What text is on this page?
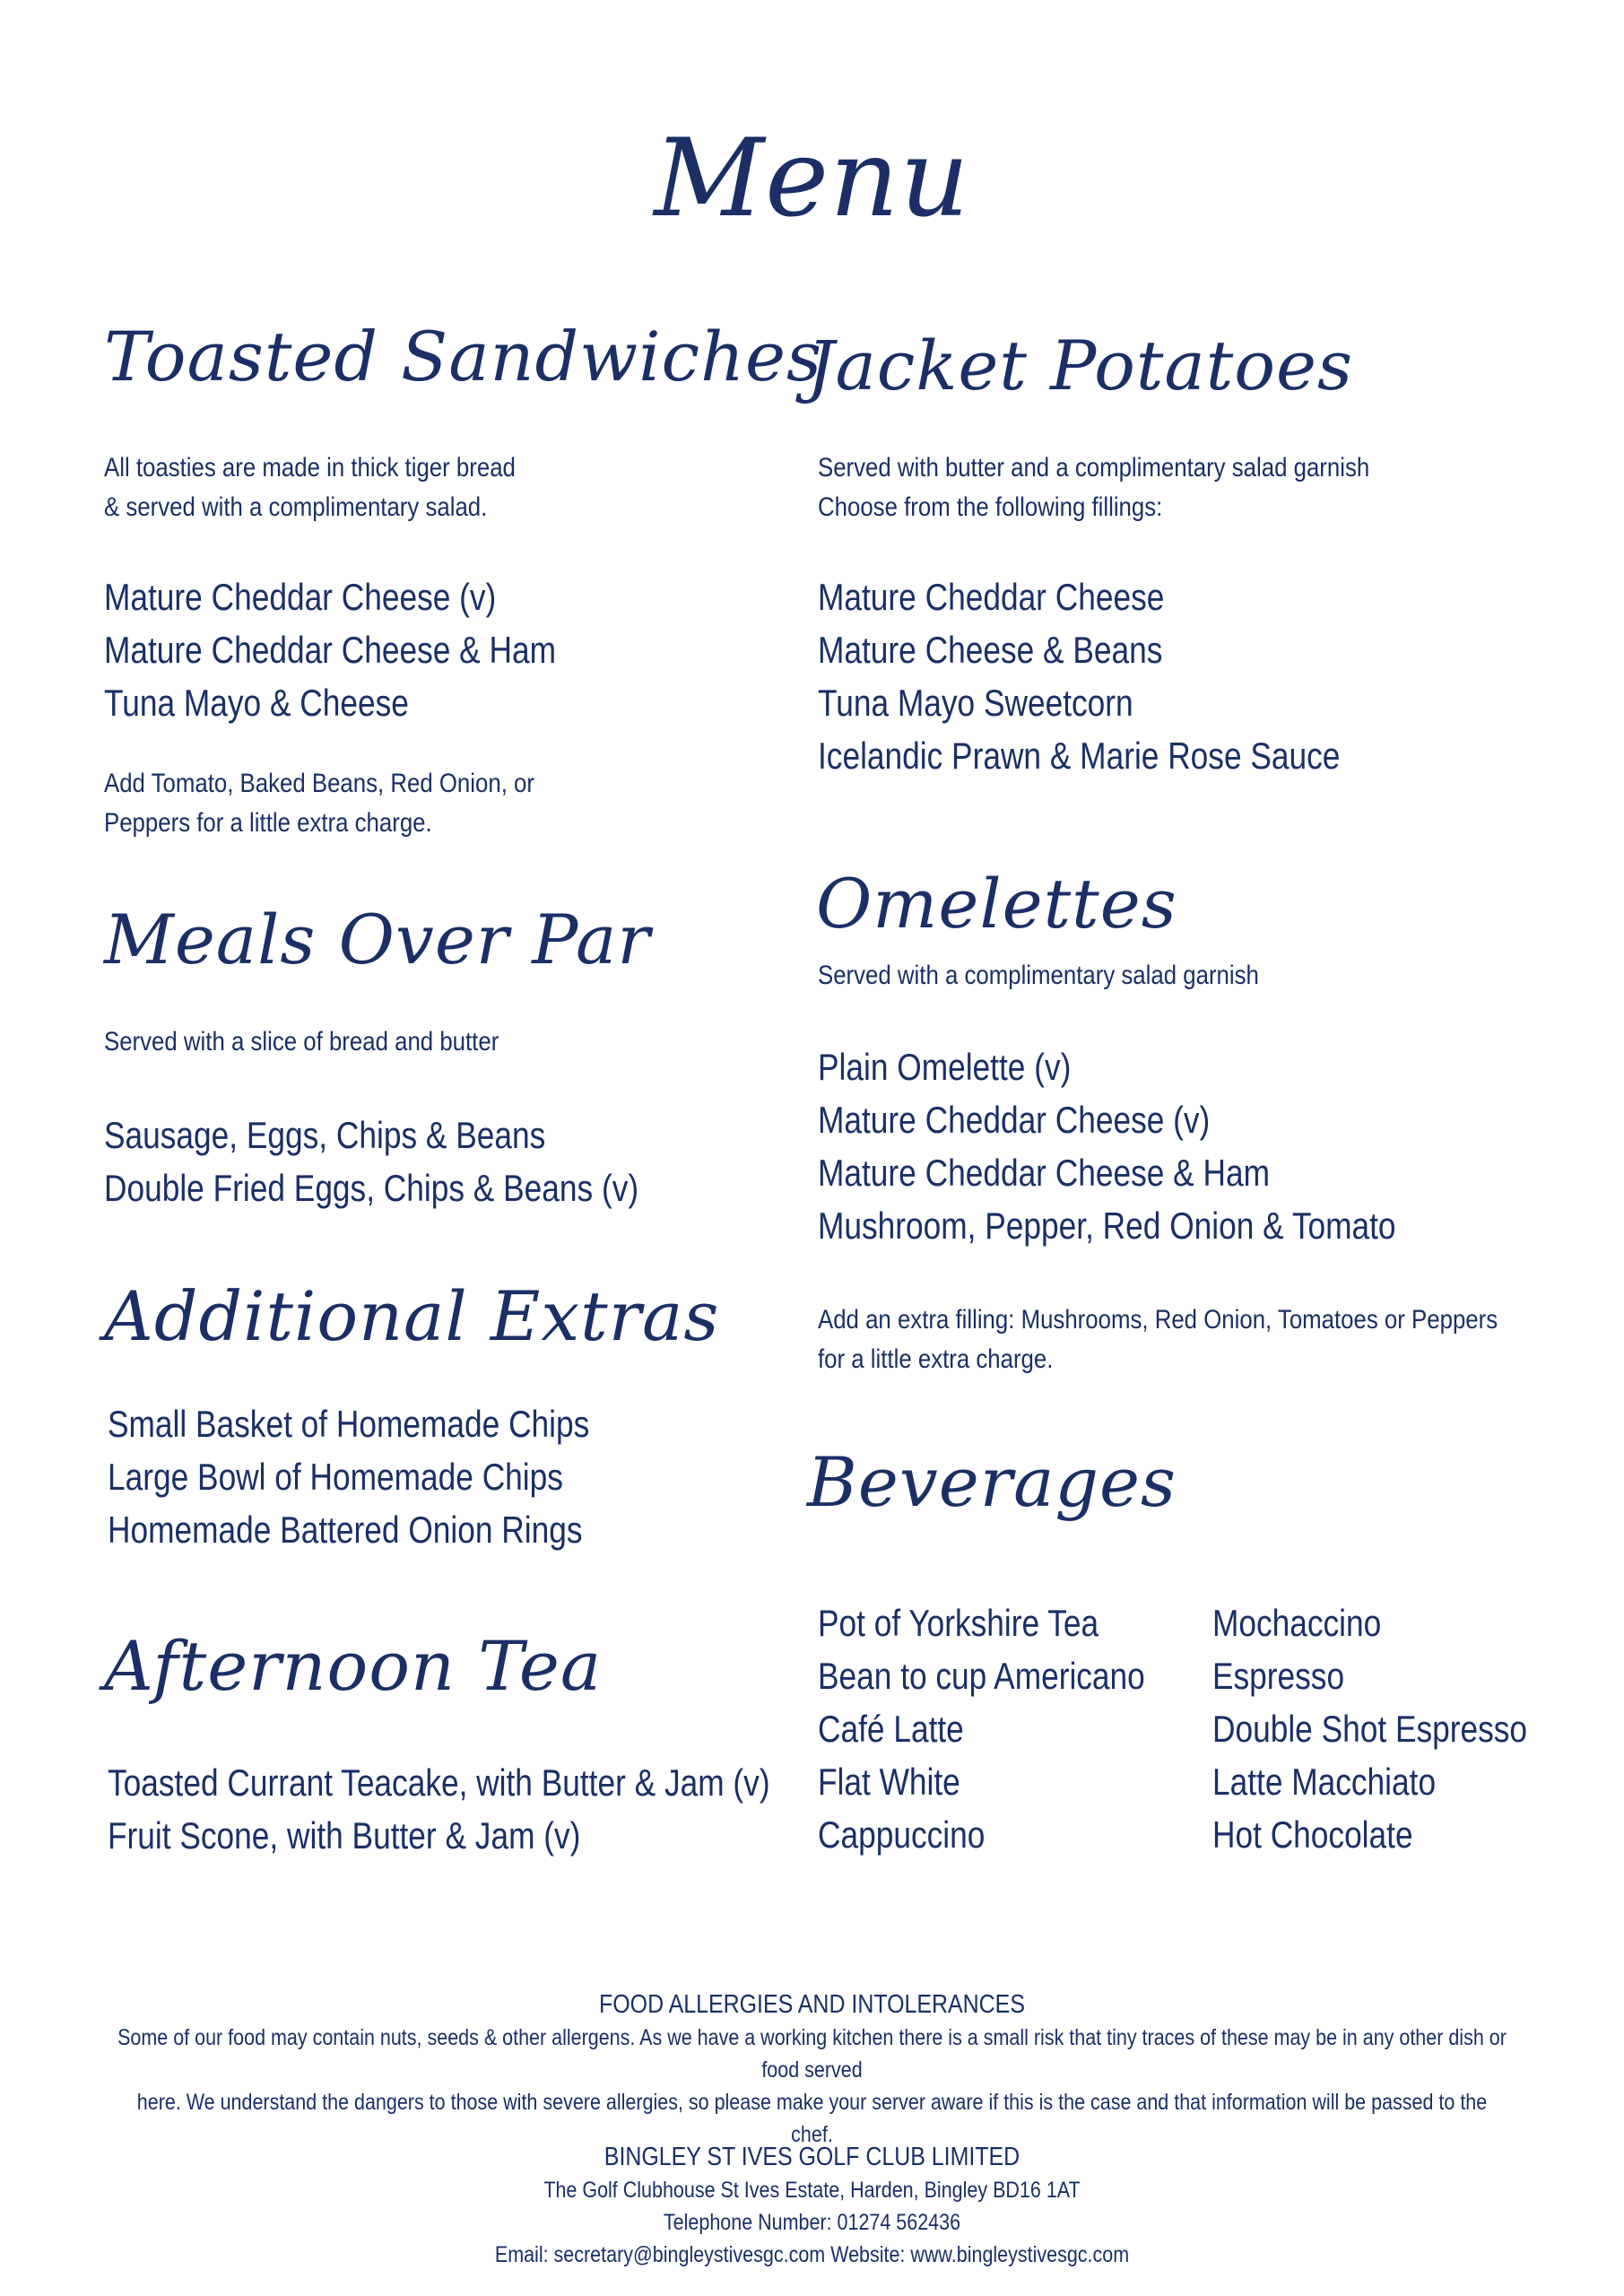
Menu
Toasted Sandwiches
All toasties are made in thick tiger bread
& served with a complimentary salad.
Mature Cheddar Cheese (v)
Mature Cheddar Cheese & Ham
Tuna Mayo & Cheese
Add Tomato, Baked Beans, Red Onion, or
Peppers for a little extra charge.
Meals Over Par
Served with a slice of bread and butter
Sausage, Eggs, Chips & Beans
Double Fried Eggs, Chips & Beans (v)
Additional Extras
Small Basket of Homemade Chips
Large Bowl of Homemade Chips
Homemade Battered Onion Rings
Afternoon Tea
Toasted Currant Teacake, with Butter & Jam (v)
Fruit Scone, with Butter & Jam (v)
Jacket Potatoes
Served with butter and a complimentary salad garnish
Choose from the following fillings:
Mature Cheddar Cheese
Mature Cheese & Beans
Tuna Mayo Sweetcorn
Icelandic Prawn & Marie Rose Sauce
Omelettes
Served with a complimentary salad garnish
Plain Omelette (v)
Mature Cheddar Cheese (v)
Mature Cheddar Cheese & Ham
Mushroom, Pepper, Red Onion & Tomato
Add an extra filling: Mushrooms, Red Onion, Tomatoes or Peppers
for a little extra charge.
Beverages
Pot of Yorkshire Tea
Bean to cup Americano
Café Latte
Flat White
Cappuccino
Mochaccino
Espresso
Double Shot Espresso
Latte Macchiato
Hot Chocolate
FOOD ALLERGIES AND INTOLERANCES
Some of our food may contain nuts, seeds & other allergens. As we have a working kitchen there is a small risk that tiny traces of these may be in any other dish or food served
here. We understand the dangers to those with severe allergies, so please make your server aware if this is the case and that information will be passed to the chef.
BINGLEY ST IVES GOLF CLUB LIMITED
The Golf Clubhouse St Ives Estate, Harden, Bingley BD16 1AT
Telephone Number: 01274 562436
Email: secretary@bingleystivesgc.com Website: www.bingleystivesgc.com
